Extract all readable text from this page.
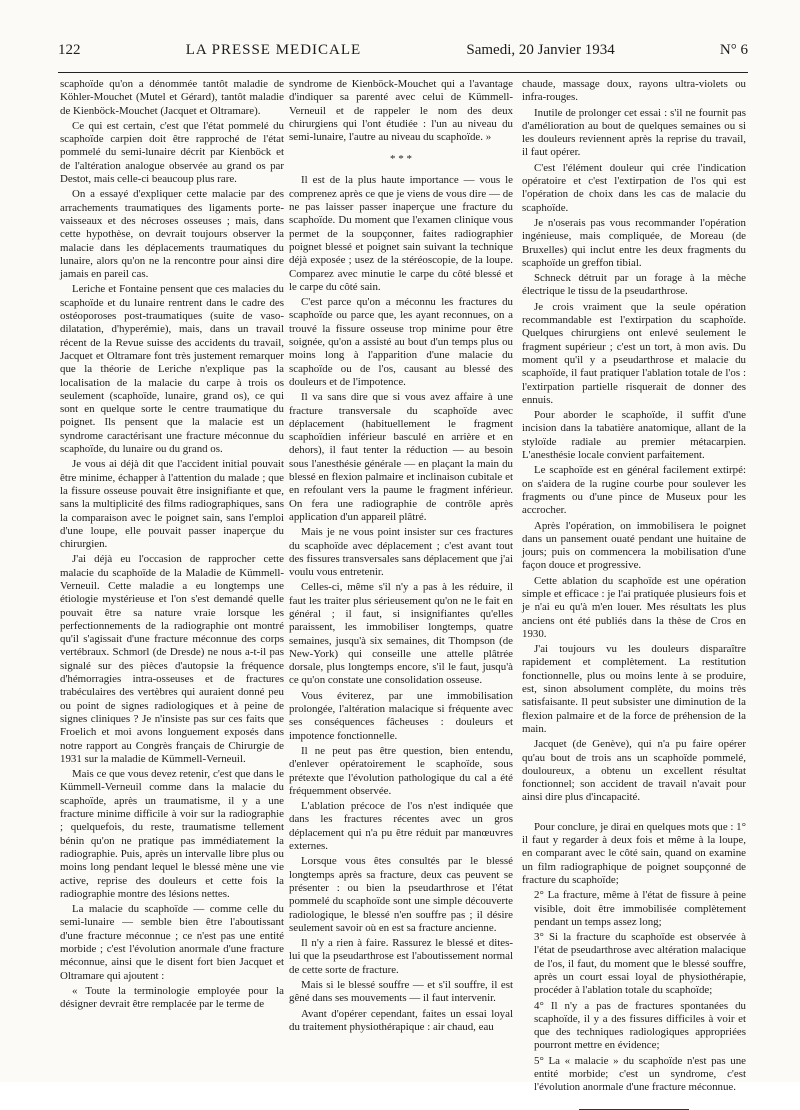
122	LA PRESSE MEDICALE	Samedi, 20 Janvier 1934	N° 6

scaphoïde qu'on a dénommée tantôt maladie de Köhler-Mouchet (Mutel et Gérard), tantôt maladie de Kienböck-Mouchet (Jacquet et Oltramare).

Ce qui est certain, c'est que l'état pommelé du scaphoïde carpien doit être rapproché de l'état pommelé du semi-lunaire décrit par Kienböck et de l'altération analogue observée au grand os par Destot, mais celle-ci beaucoup plus rare.

On a essayé d'expliquer cette malacie par des arrachements traumatiques des ligaments porte-vaisseaux et des nécroses osseuses ; mais, dans cette hypothèse, on devrait toujours observer la malacie dans les déplacements traumatiques du lunaire, alors qu'on ne la rencontre pour ainsi dire jamais en pareil cas.

Leriche et Fontaine pensent que ces malacies du scaphoïde et du lunaire rentrent dans le cadre des ostéoporoses post-traumatiques (suite de vaso-dilatation, d'hyperémie), mais, dans un travail récent de la Revue suisse des accidents du travail, Jacquet et Oltramare font très justement remarquer que la théorie de Leriche n'explique pas la localisation de la malacie du carpe à trois os seulement (scaphoïde, lunaire, grand os), ce qui sont en quelque sorte le centre traumatique du poignet. Ils pensent que la malacie est un syndrome caractérisant une fracture méconnue du scaphoïde, du lunaire ou du grand os.

Je vous ai déjà dit que l'accident initial pouvait être minime, échapper à l'attention du malade ; que la fissure osseuse pouvait être insignifiante et que, sans la multiplicité des films radiographiques, sans la comparaison avec le poignet sain, sans l'emploi d'une loupe, elle pouvait passer inaperçue du chirurgien.

J'ai déjà eu l'occasion de rapprocher cette malacie du scaphoïde de la Maladie de Kümmell-Verneuil. Cette maladie a eu longtemps une étiologie mystérieuse et l'on s'est demandé quelle pouvait être sa nature vraie lorsque les perfectionnements de la radiographie ont montré qu'il s'agissait d'une fracture méconnue des corps vertébraux. Schmorl (de Dresde) ne nous a-t-il pas signalé sur des pièces d'autopsie la fréquence d'hémorragies intra-osseuses et de fractures trabéculaires des vertèbres qui auraient donné peu ou point de signes radiologiques et à peine de signes cliniques ? Je n'insiste pas sur ces faits que Froelich et moi avons longuement exposés dans notre rapport au Congrès français de Chirurgie de 1931 sur la maladie de Kümmell-Verneuil.

Mais ce que vous devez retenir, c'est que dans le Kümmell-Verneuil comme dans la malacie du scaphoïde, après un traumatisme, il y a une fracture minime difficile à voir sur la radiographie ; quelquefois, du reste, traumatisme tellement bénin qu'on ne pratique pas immédiatement la radiographie. Puis, après un intervalle libre plus ou moins long pendant lequel le blessé mène une vie active, reprise des douleurs et cette fois la radiographie montre des lésions nettes.

La malacie du scaphoïde — comme celle du semi-lunaire — semble bien être l'aboutissant d'une fracture méconnue ; ce n'est pas une entité morbide ; c'est l'évolution anormale d'une fracture méconnue, ainsi que le disent fort bien Jacquet et Oltramare qui ajoutent :

« Toute la terminologie employée pour la désigner devrait être remplacée par le terme de

syndrome de Kienböck-Mouchet qui a l'avantage d'indiquer sa parenté avec celui de Kümmell-Verneuil et de rappeler le nom des deux chirurgiens qui l'ont étudiée : l'un au niveau du semi-lunaire, l'autre au niveau du scaphoïde. »

* * *

Il est de la plus haute importance — vous le comprenez après ce que je viens de vous dire — de ne pas laisser passer inaperçue une fracture du scaphoïde. Du moment que l'examen clinique vous permet de la soupçonner, faites radiographier poignet blessé et poignet sain suivant la technique déjà exposée ; usez de la stéréoscopie, de la loupe. Comparez avec minutie le carpe du côté blessé et le carpe du côté sain.

C'est parce qu'on a méconnu les fractures du scaphoïde ou parce que, les ayant reconnues, on a trouvé la fissure osseuse trop minime pour être soignée, qu'on a assisté au bout d'un temps plus ou moins long à l'apparition d'une malacie du scaphoïde ou de l'os, causant au blessé des douleurs et de l'impotence.

Il va sans dire que si vous avez affaire à une fracture transversale du scaphoïde avec déplacement (habituellement le fragment scaphoïdien inférieur basculé en arrière et en dehors), il faut tenter la réduction — au besoin sous l'anesthésie générale — en plaçant la main du blessé en flexion palmaire et inclinaison cubitale et en refoulant vers la paume le fragment inférieur. On fera une radiographie de contrôle après application d'un appareil plâtré.

Mais je ne vous point insister sur ces fractures du scaphoïde avec déplacement ; c'est avant tout des fissures transversales sans déplacement que j'ai voulu vous entretenir.

Celles-ci, même s'il n'y a pas à les réduire, il faut les traiter plus sérieusement qu'on ne le fait en général ; il faut, si insignifiantes qu'elles paraissent, les immobiliser longtemps, quatre semaines, jusqu'à six semaines, dit Thompson (de New-York) qui conseille une attelle plâtrée dorsale, plus longtemps encore, s'il le faut, jusqu'à ce qu'on constate une consolidation osseuse.

Vous éviterez, par une immobilisation prolongée, l'altération malacique si fréquente avec ses conséquences fâcheuses : douleurs et impotence fonctionnelle.

Il ne peut pas être question, bien entendu, d'enlever opératoirement le scaphoïde, sous prétexte que l'évolution pathologique du cal a été fréquemment observée.

L'ablation précoce de l'os n'est indiquée que dans les fractures récentes avec un gros déplacement qui n'a pu être réduit par manœuvres externes.

Lorsque vous êtes consultés par le blessé longtemps après sa fracture, deux cas peuvent se présenter : ou bien la pseudarthrose et l'état pommelé du scaphoïde sont une simple découverte radiologique, le blessé n'en souffre pas ; il désire seulement savoir où en est sa fracture ancienne.

Il n'y a rien à faire. Rassurez le blessé et dites-lui que la pseudarthrose est l'aboutissement normal de cette sorte de fracture.

Mais si le blessé souffre — et s'il souffre, il est gêné dans ses mouvements — il faut intervenir.

Avant d'opérer cependant, faites un essai loyal du traitement physiothérapique : air chaud, eau

chaude, massage doux, rayons ultra-violets ou infra-rouges.

Inutile de prolonger cet essai : s'il ne fournit pas d'amélioration au bout de quelques semaines ou si les douleurs reviennent après la reprise du travail, il faut opérer.

C'est l'élément douleur qui crée l'indication opératoire et c'est l'extirpation de l'os qui est l'opération de choix dans les cas de malacie du scaphoïde.

Je n'oserais pas vous recommander l'opération ingénieuse, mais compliquée, de Moreau (de Bruxelles) qui inclut entre les deux fragments du scaphoïde un greffon tibial.

Schneck détruit par un forage à la mèche électrique le tissu de la pseudarthrose.

Je crois vraiment que la seule opération recommandable est l'extirpation du scaphoïde. Quelques chirurgiens ont enlevé seulement le fragment supérieur ; c'est un tort, à mon avis. Du moment qu'il y a pseudarthrose et malacie du scaphoïde, il faut pratiquer l'ablation totale de l'os : l'extirpation partielle risquerait de donner des ennuis.

Pour aborder le scaphoïde, il suffit d'une incision dans la tabatière anatomique, allant de la styloïde radiale au premier métacarpien. L'anesthésie locale convient parfaitement.

Le scaphoïde est en général facilement extirpé: on s'aidera de la rugine courbe pour soulever les fragments ou d'une pince de Museux pour les accrocher.

Après l'opération, on immobilisera le poignet dans un pansement ouaté pendant une huitaine de jours; puis on commencera la mobilisation d'une façon douce et progressive.

Cette ablation du scaphoïde est une opération simple et efficace : je l'ai pratiquée plusieurs fois et je n'ai eu qu'à m'en louer. Mes résultats les plus anciens ont été publiés dans la thèse de Cros en 1930.

J'ai toujours vu les douleurs disparaître rapidement et complètement. La restitution fonctionnelle, plus ou moins lente à se produire, est, sinon absolument complète, du moins très satisfaisante. Il peut subsister une diminution de la flexion palmaire et de la force de préhension de la main.

Jacquet (de Genève), qui n'a pu faire opérer qu'au bout de trois ans un scaphoïde pommelé, douloureux, a obtenu un excellent résultat fonctionnel; son accident de travail n'avait pour ainsi dire plus d'incapacité.

Pour conclure, je dirai en quelques mots que : 1° il faut y regarder à deux fois et même à la loupe, en comparant avec le côté sain, quand on examine un film radiographique de poignet soupçonné de fracture du scaphoïde;

2° La fracture, même à l'état de fissure à peine visible, doit être immobilisée complètement pendant un temps assez long;

3° Si la fracture du scaphoïde est observée à l'état de pseudarthrose avec altération malacique de l'os, il faut, du moment que le blessé souffre, après un court essai loyal de physiothérapie, procéder à l'ablation totale du scaphoïde;

4° Il n'y a pas de fractures spontanées du scaphoïde, il y a des fissures difficiles à voir et que des techniques radiologiques appropriées pourront mettre en évidence;

5° La « malacie » du scaphoïde n'est pas une entité morbide; c'est un syndrome, c'est l'évolution anormale d'une fracture méconnue.
